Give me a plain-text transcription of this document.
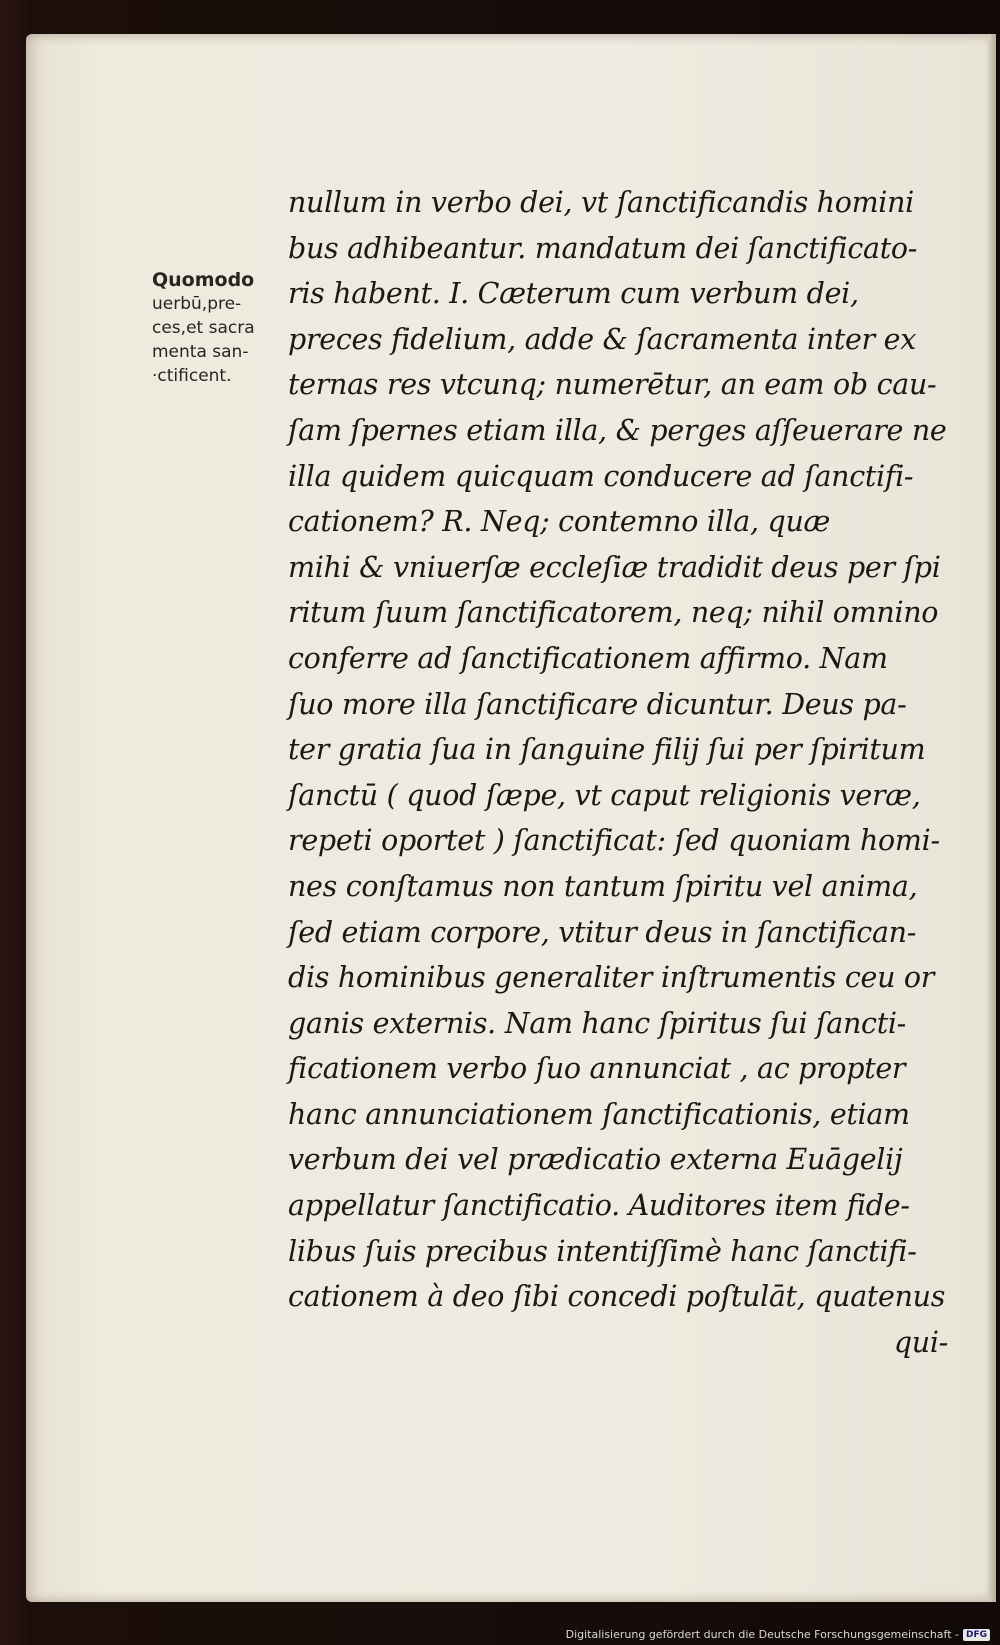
Quomodo
uerbū,pre-
ces,et sacra
menta san-
·ctificent.
nullum in verbo dei, vt ſanctificandis homini
bus adhibeantur. mandatum dei ſanctificato-
ris habent. I. Cæterum cum verbum dei,
preces fidelium, adde & ſacramenta inter ex
ternas res vtcunq; numerētur, an eam ob cau-
ſam ſpernes etiam illa, & perges aſſeuerare ne
illa quidem quicquam conducere ad ſanctifi-
cationem? R. Neq; contemno illa, quæ
mihi & vniuerſæ eccleſiæ tradidit deus per ſpi
ritum ſuum ſanctificatorem, neq; nihil omnino
conferre ad ſanctificationem affirmo. Nam
ſuo more illa ſanctificare dicuntur. Deus pa-
ter gratia ſua in ſanguine filij ſui per ſpiritum
ſanctū ( quod ſæpe, vt caput religionis veræ,
repeti oportet ) ſanctificat: ſed quoniam homi-
nes conſtamus non tantum ſpiritu vel anima,
ſed etiam corpore, vtitur deus in ſanctifican-
dis hominibus generaliter inſtrumentis ceu or
ganis externis. Nam hanc ſpiritus ſui ſancti-
ficationem verbo ſuo annunciat , ac propter
hanc annunciationem ſanctificationis, etiam
verbum dei vel prædicatio externa Euāgelij
appellatur ſanctificatio. Auditores item fide-
libus ſuis precibus intentiſſimè hanc ſanctifi-
cationem à deo ſibi concedi poſtulāt, quatenus
qui-
Digitalisierung gefördert durch die Deutsche Forschungsgemeinschaft - DFG
